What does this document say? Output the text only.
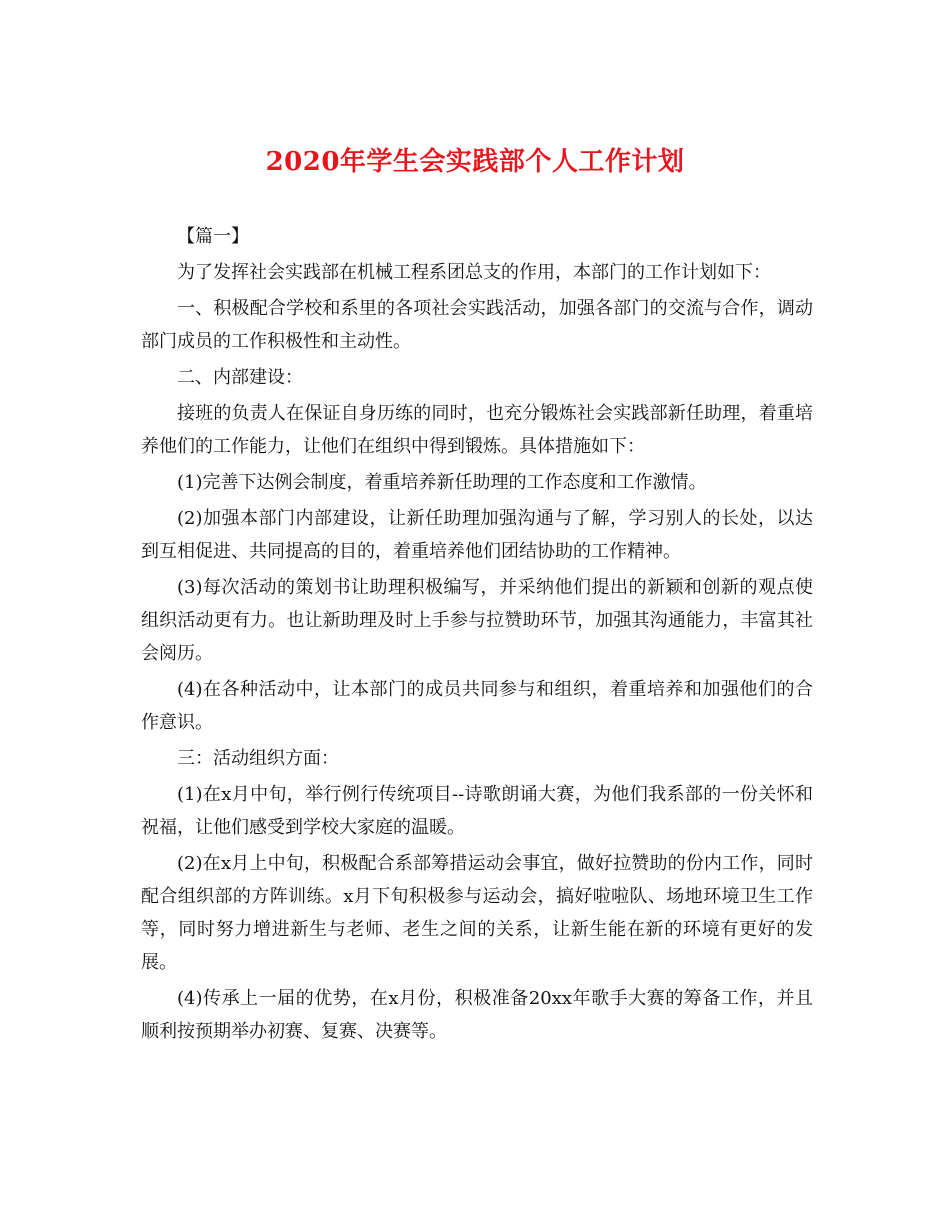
2020年学生会实践部个人工作计划

【篇一】

为了发挥社会实践部在机械工程系团总支的作用，本部门的工作计划如下：

一、积极配合学校和系里的各项社会实践活动，加强各部门的交流与合作，调动部门成员的工作积极性和主动性。

二、内部建设：

接班的负责人在保证自身历练的同时，也充分锻炼社会实践部新任助理，着重培养他们的工作能力，让他们在组织中得到锻炼。具体措施如下：

(1)完善下达例会制度，着重培养新任助理的工作态度和工作激情。

(2)加强本部门内部建设，让新任助理加强沟通与了解，学习别人的长处，以达到互相促进、共同提高的目的，着重培养他们团结协助的工作精神。

(3)每次活动的策划书让助理积极编写，并采纳他们提出的新颖和创新的观点使组织活动更有力。也让新助理及时上手参与拉赞助环节，加强其沟通能力，丰富其社会阅历。

(4)在各种活动中，让本部门的成员共同参与和组织，着重培养和加强他们的合作意识。

三：活动组织方面：

(1)在x月中旬，举行例行传统项目--诗歌朗诵大赛，为他们我系部的一份关怀和祝福，让他们感受到学校大家庭的温暖。

(2)在x月上中旬，积极配合系部筹措运动会事宜，做好拉赞助的份内工作，同时配合组织部的方阵训练。x月下旬积极参与运动会，搞好啦啦队、场地环境卫生工作等，同时努力增进新生与老师、老生之间的关系，让新生能在新的环境有更好的发展。

(4)传承上一届的优势，在x月份，积极准备20xx年歌手大赛的筹备工作，并且顺利按预期举办初赛、复赛、决赛等。
